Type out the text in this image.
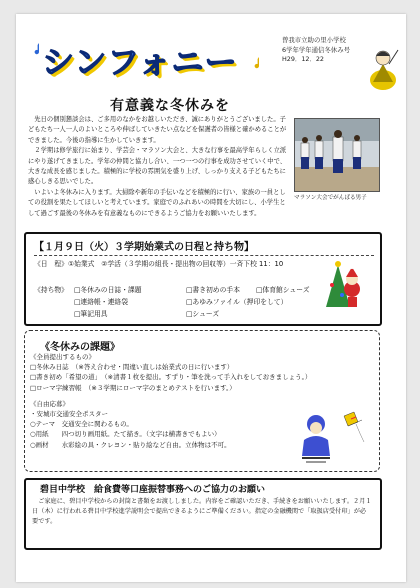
シンフォニー
曽我市立助の里小学校
6学年学年通信冬休み号
H29．12．22
有意義な冬休みを

先日の個別懇談会は、ご多用のなかをお越しいただき、誠にありがとうございました。子どもたち一人一人のよいところや伸ばしていきたい点などを保護者の皆様と確かめることができました。今後の指導に生かしていきます。

２学期は修学旅行に始まり、学芸会・マラソン大会と、大きな行事を最高学年らしく立派にやり遂げてきました。学年の仲間と協力し合い、一つ一つの行事を成功させていく中で、大きな成長を感じました。積極的に学校の雰囲気を盛り上げ、しっかり支える子どもたちに感心しきる思いでした。

いよいよ冬休みに入ります。大掃除や新年の手伝いなどを積極的に行い、家族の一員としての役割を果たしてほしいと考えています。家庭でのふれあいの時間を大切にし、小学生として過ごす最後の冬休みを有意義なものにできるようご協力をお願いいたします。

マラソン大会でがんばる男子
【１月９日（火）３学期始業式の日程と持ち物】
《日　程》①始業式　②学活（３学期の組長・提出物の回収等）一斉下校 11：10
《持ち物》 □冬休みの日誌・課題
□連絡帳・連絡袋
□筆記用具
□書き初めの手本
□あゆみファイル（押印をして）
□シューズ
□体育館シューズ
《冬休みの課題》
《全員提出するもの》
□冬休み日誌　（※答え合わせ・間違い直しは始業式の日に行います）
□書き初め「希望の道」　（※清書１枚を提出。すずり・筆を洗って手入れをしておきましょう。）
□ローマ字練習帳　（※３学期にローマ字のまとめテストを行います。）
《自由応募》
・安城市交通安全ポスター
○テーマ　交通安全に関わるもの。
○用紙　　四つ切り画用紙。たて描き。（文字は横書きでもよい）
○画材　　水彩絵の具・クレヨン・貼り絵など自由。立体物は不可。
碧目中学校　給食費等口座振替事務へのご協力のお願い
ご家庭に、碧目中学校からの封筒と書類をお渡ししました。内容をご確認いただき、手続きをお願いいたします。２月１日（木）に行われる碧目中学校進学説明会で提出できるようにご準備ください。指定の金融機関で「取扱店受付印」が必要です。
